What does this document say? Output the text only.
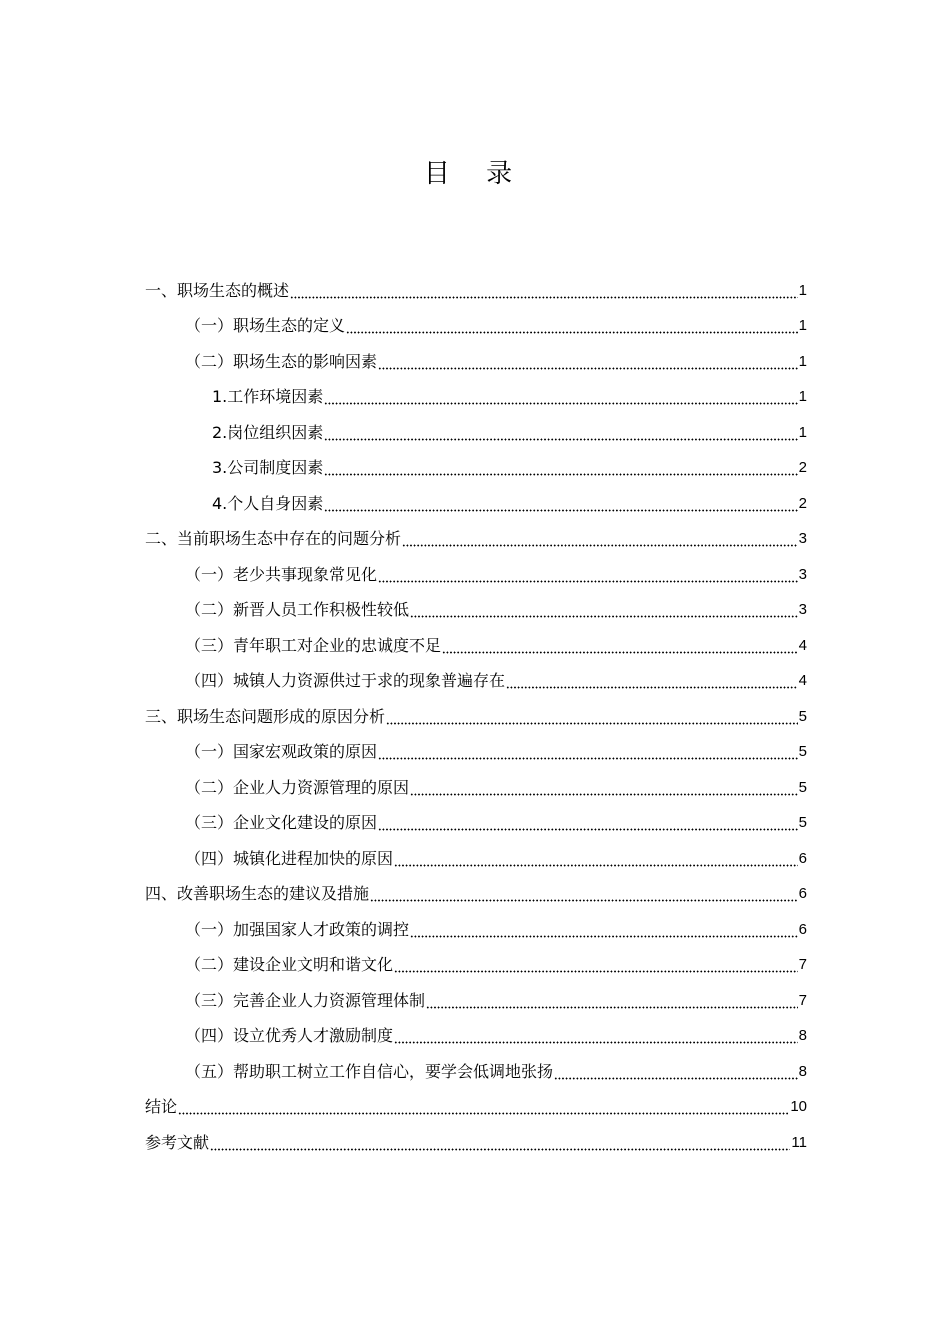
目 录
一、职场生态的概述	1
（一）职场生态的定义	1
（二）职场生态的影响因素	1
1.工作环境因素	1
2.岗位组织因素	1
3.公司制度因素	2
4.个人自身因素	2
二、当前职场生态中存在的问题分析	3
（一）老少共事现象常见化	3
（二）新晋人员工作积极性较低	3
（三）青年职工对企业的忠诚度不足	4
（四）城镇人力资源供过于求的现象普遍存在	4
三、职场生态问题形成的原因分析	5
（一）国家宏观政策的原因	5
（二）企业人力资源管理的原因	5
（三）企业文化建设的原因	5
（四）城镇化进程加快的原因	6
四、改善职场生态的建议及措施	6
（一）加强国家人才政策的调控	6
（二）建设企业文明和谐文化	7
（三）完善企业人力资源管理体制	7
（四）设立优秀人才激励制度	8
（五）帮助职工树立工作自信心，要学会低调地张扬	8
结论	10
参考文献	11
